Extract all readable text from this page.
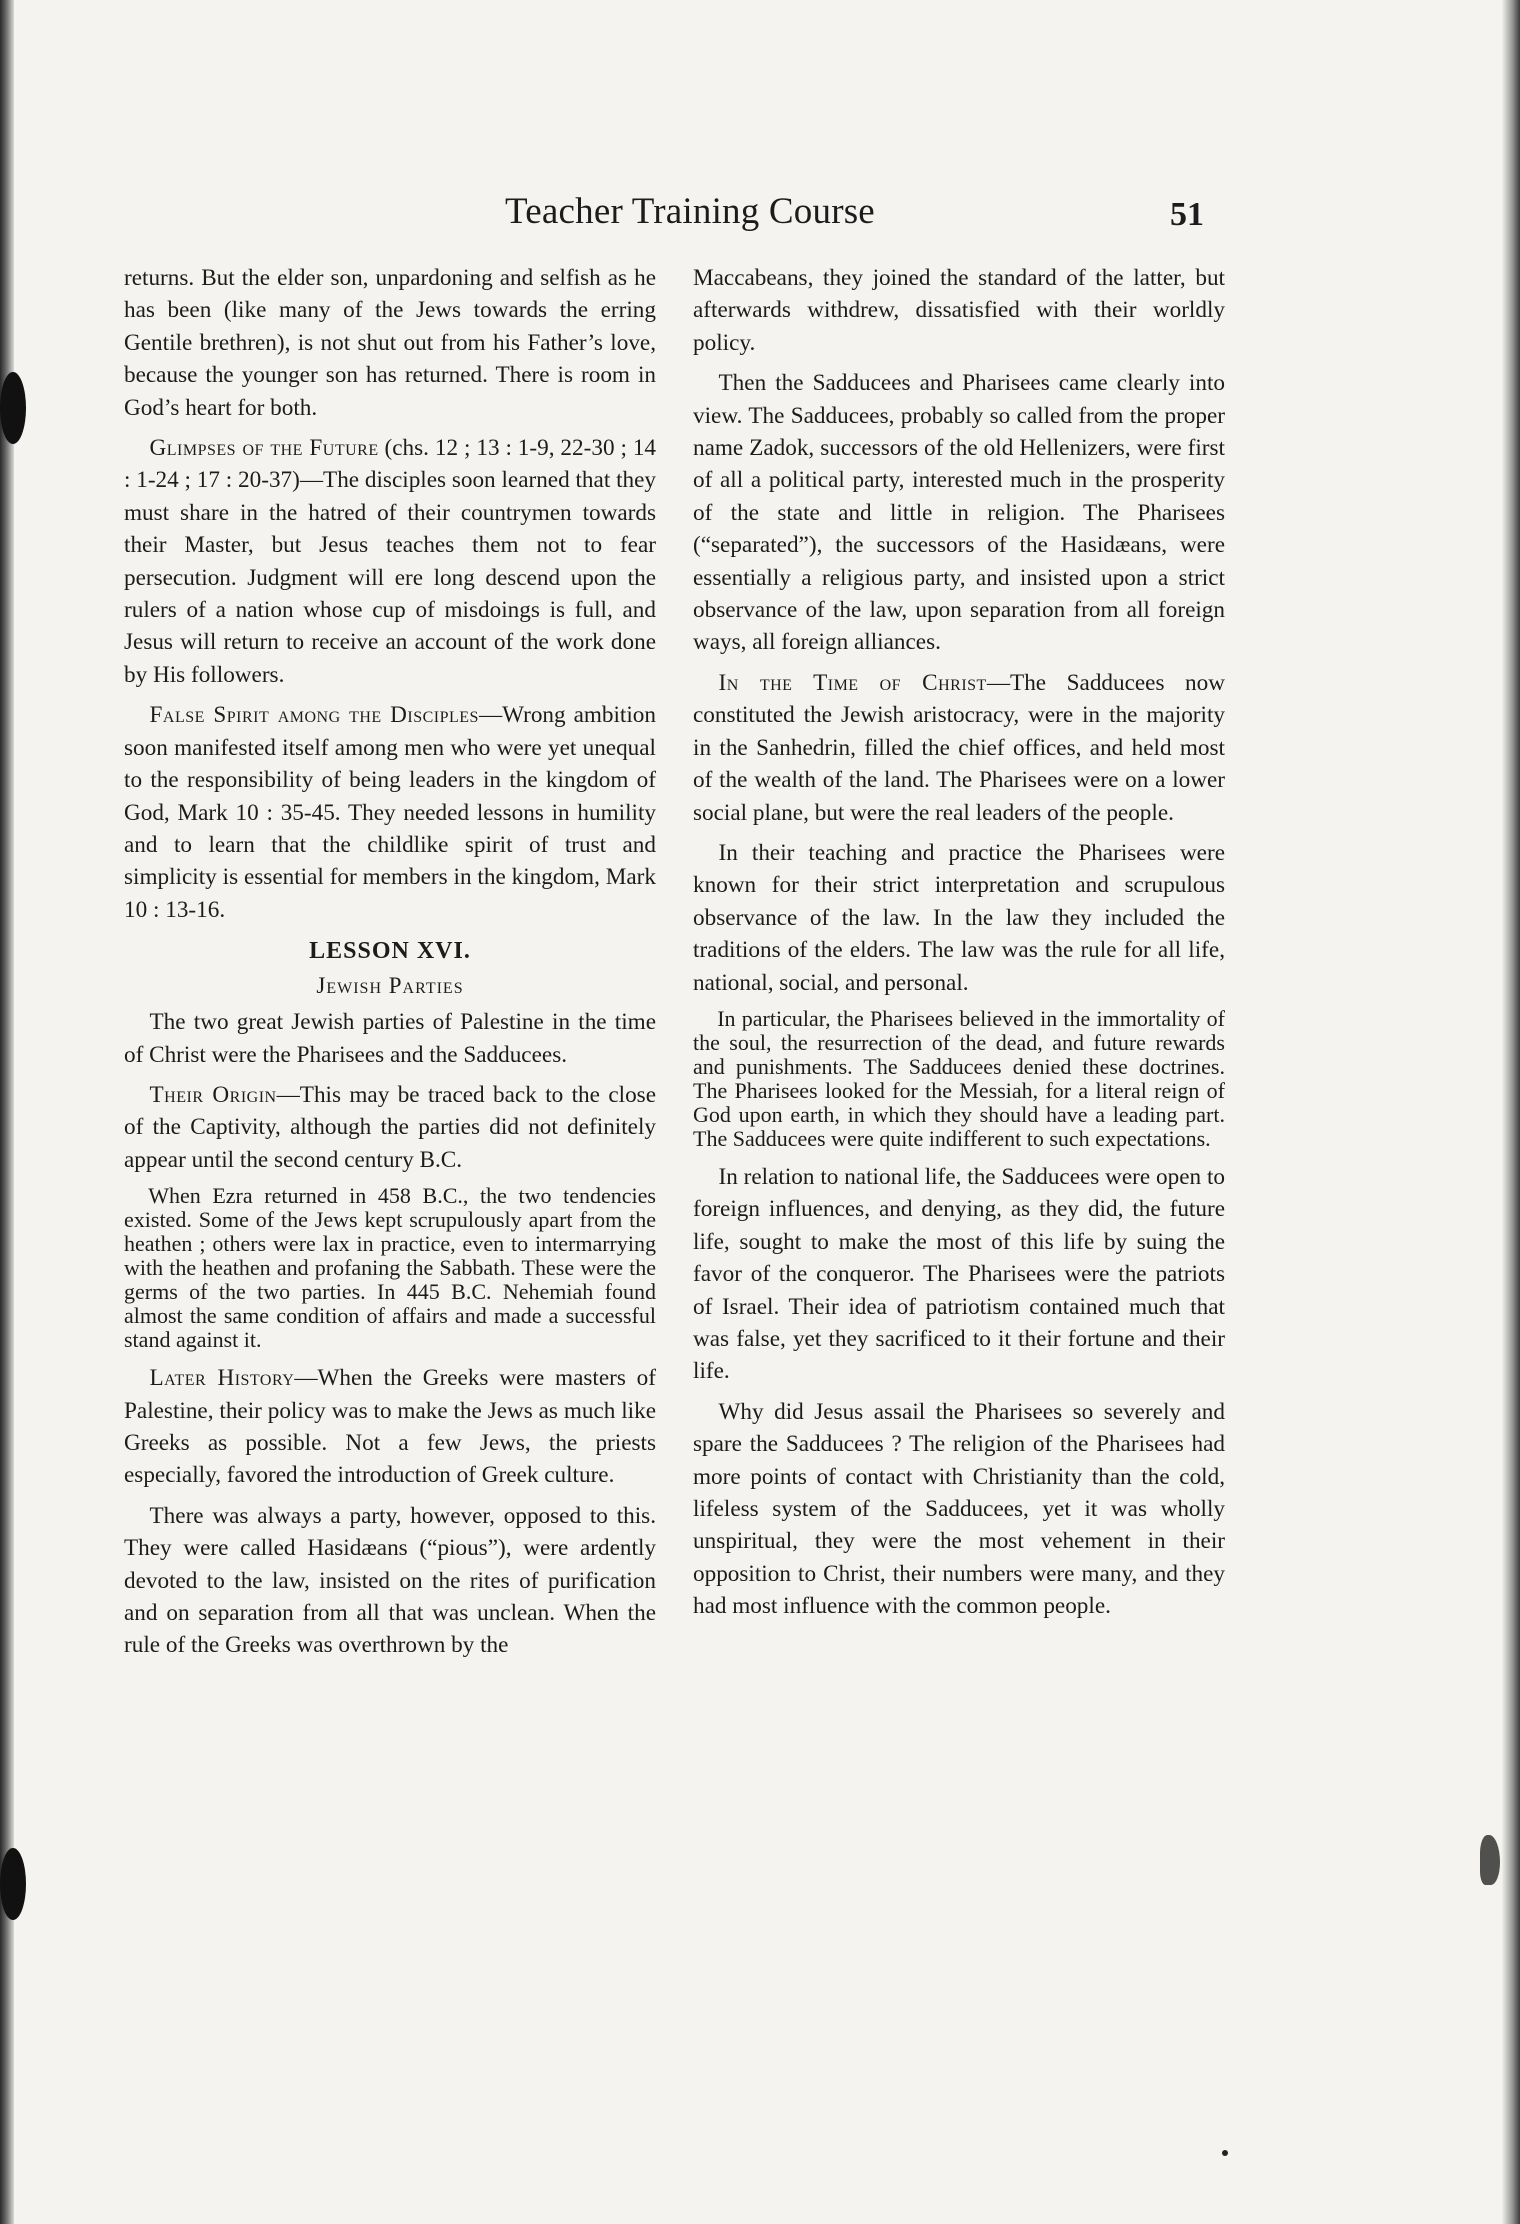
Teacher Training Course	51

returns. But the elder son, unpardoning and selfish as he has been (like many of the Jews towards the erring Gentile brethren), is not shut out from his Father’s love, because the younger son has returned. There is room in God’s heart for both.

Glimpses of the Future (chs. 12 ; 13 : 1-9, 22-30 ; 14 : 1-24 ; 17 : 20-37)—The disciples soon learned that they must share in the hatred of their countrymen towards their Master, but Jesus teaches them not to fear persecution. Judgment will ere long descend upon the rulers of a nation whose cup of misdoings is full, and Jesus will return to receive an account of the work done by His followers.

False Spirit among the Disciples—Wrong ambition soon manifested itself among men who were yet unequal to the responsibility of being leaders in the kingdom of God, Mark 10 : 35-45. They needed lessons in humility and to learn that the childlike spirit of trust and simplicity is essential for members in the kingdom, Mark 10 : 13-16.

LESSON XVI.
Jewish Parties

The two great Jewish parties of Palestine in the time of Christ were the Pharisees and the Sadducees.

Their Origin—This may be traced back to the close of the Captivity, although the parties did not definitely appear until the second century B.C.

When Ezra returned in 458 B.C., the two tendencies existed. Some of the Jews kept scrupulously apart from the heathen ; others were lax in practice, even to intermarrying with the heathen and profaning the Sabbath. These were the germs of the two parties. In 445 B.C. Nehemiah found almost the same condition of affairs and made a successful stand against it.

Later History—When the Greeks were masters of Palestine, their policy was to make the Jews as much like Greeks as possible. Not a few Jews, the priests especially, favored the introduction of Greek culture.

There was always a party, however, opposed to this. They were called Hasidæans (“pious”), were ardently devoted to the law, insisted on the rites of purification and on separation from all that was unclean. When the rule of the Greeks was overthrown by the

Maccabeans, they joined the standard of the latter, but afterwards withdrew, dissatisfied with their worldly policy.

Then the Sadducees and Pharisees came clearly into view. The Sadducees, probably so called from the proper name Zadok, successors of the old Hellenizers, were first of all a political party, interested much in the prosperity of the state and little in religion. The Pharisees (“separated”), the successors of the Hasidæans, were essentially a religious party, and insisted upon a strict observance of the law, upon separation from all foreign ways, all foreign alliances.

In the Time of Christ—The Sadducees now constituted the Jewish aristocracy, were in the majority in the Sanhedrin, filled the chief offices, and held most of the wealth of the land. The Pharisees were on a lower social plane, but were the real leaders of the people.

In their teaching and practice the Pharisees were known for their strict interpretation and scrupulous observance of the law. In the law they included the traditions of the elders. The law was the rule for all life, national, social, and personal.

In particular, the Pharisees believed in the immortality of the soul, the resurrection of the dead, and future rewards and punishments. The Sadducees denied these doctrines. The Pharisees looked for the Messiah, for a literal reign of God upon earth, in which they should have a leading part. The Sadducees were quite indifferent to such expectations.

In relation to national life, the Sadducees were open to foreign influences, and denying, as they did, the future life, sought to make the most of this life by suing the favor of the conqueror. The Pharisees were the patriots of Israel. Their idea of patriotism contained much that was false, yet they sacrificed to it their fortune and their life.

Why did Jesus assail the Pharisees so severely and spare the Sadducees ? The religion of the Pharisees had more points of contact with Christianity than the cold, lifeless system of the Sadducees, yet it was wholly unspiritual, they were the most vehement in their opposition to Christ, their numbers were many, and they had most influence with the common people.
